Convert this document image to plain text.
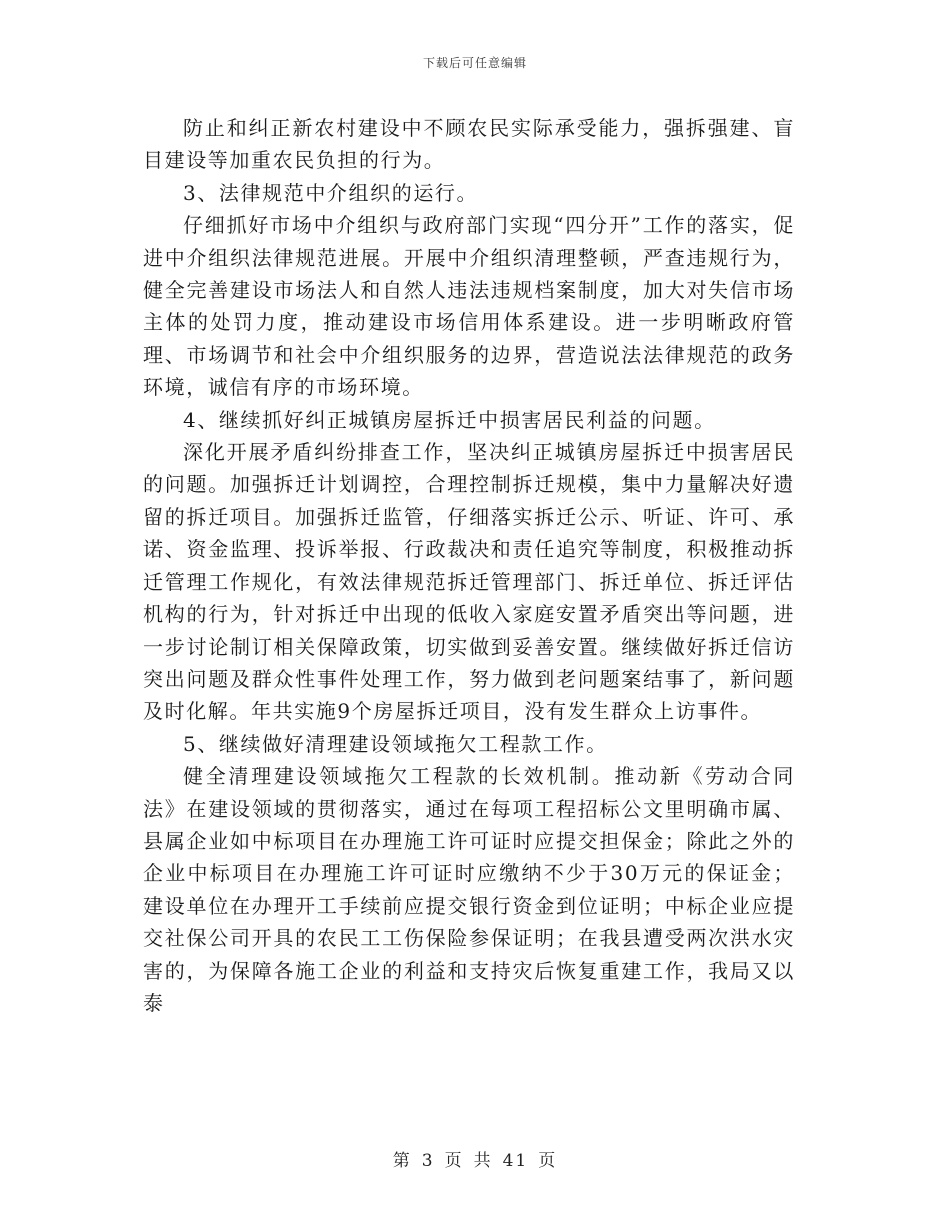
下载后可任意编辑

防止和纠正新农村建设中不顾农民实际承受能力，强拆强建、盲目建设等加重农民负担的行为。

3、法律规范中介组织的运行。

仔细抓好市场中介组织与政府部门实现“四分开”工作的落实，促进中介组织法律规范进展。开展中介组织清理整顿，严查违规行为，健全完善建设市场法人和自然人违法违规档案制度，加大对失信市场主体的处罚力度，推动建设市场信用体系建设。进一步明晰政府管理、市场调节和社会中介组织服务的边界，营造说法法律规范的政务环境，诚信有序的市场环境。

4、继续抓好纠正城镇房屋拆迁中损害居民利益的问题。

深化开展矛盾纠纷排查工作，坚决纠正城镇房屋拆迁中损害居民的问题。加强拆迁计划调控，合理控制拆迁规模，集中力量解决好遗留的拆迁项目。加强拆迁监管，仔细落实拆迁公示、听证、许可、承诺、资金监理、投诉举报、行政裁决和责任追究等制度，积极推动拆迁管理工作规化，有效法律规范拆迁管理部门、拆迁单位、拆迁评估机构的行为，针对拆迁中出现的低收入家庭安置矛盾突出等问题，进一步讨论制订相关保障政策，切实做到妥善安置。继续做好拆迁信访突出问题及群众性事件处理工作，努力做到老问题案结事了，新问题及时化解。年共实施9个房屋拆迁项目，没有发生群众上访事件。

5、继续做好清理建设领域拖欠工程款工作。

健全清理建设领域拖欠工程款的长效机制。推动新《劳动合同法》在建设领域的贯彻落实，通过在每项工程招标公文里明确市属、县属企业如中标项目在办理施工许可证时应提交担保金；除此之外的企业中标项目在办理施工许可证时应缴纳不少于30万元的保证金；建设单位在办理开工手续前应提交银行资金到位证明；中标企业应提交社保公司开具的农民工工伤保险参保证明；在我县遭受两次洪水灾害的，为保障各施工企业的利益和支持灾后恢复重建工作，我局又以泰

第 3 页 共 41 页
